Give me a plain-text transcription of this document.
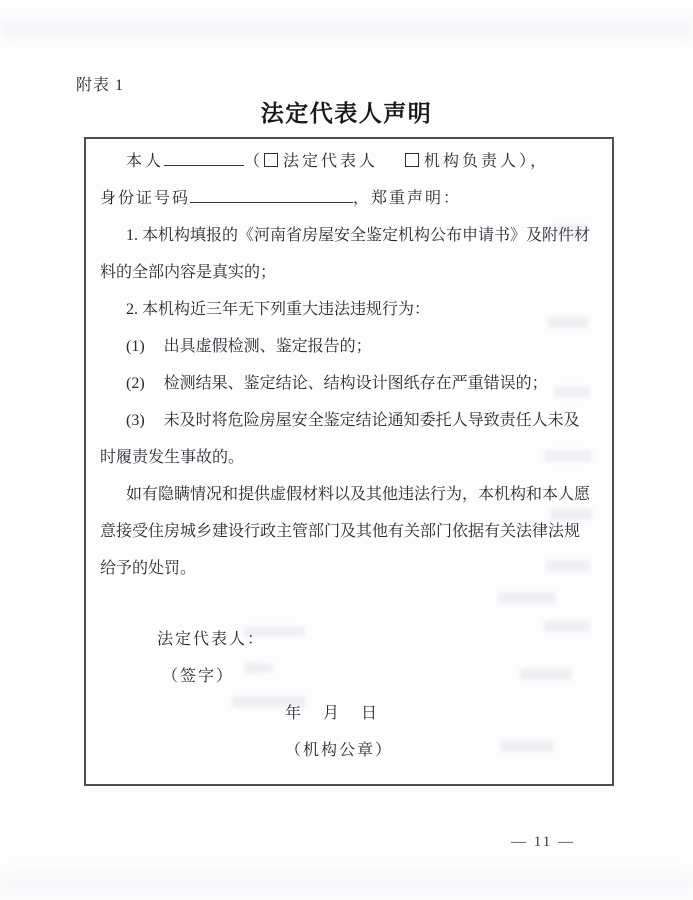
附表 1
法定代表人声明
本人	（ 法定代表人	机构负责人），
身份证号码	，郑重声明：
1. 本机构填报的《河南省房屋安全鉴定机构公布申请书》及附件材
料的全部内容是真实的；
2. 本机构近三年无下列重大违法违规行为：
(1) 出具虚假检测、鉴定报告的；
(2) 检测结果、鉴定结论、结构设计图纸存在严重错误的；
(3) 未及时将危险房屋安全鉴定结论通知委托人导致责任人未及
时履责发生事故的。
如有隐瞒情况和提供虚假材料以及其他违法行为，本机构和本人愿
意接受住房城乡建设行政主管部门及其他有关部门依据有关法律法规
给予的处罚。
法定代表人：
（签字）
年　月　日
（机构公章）
— 11 —
